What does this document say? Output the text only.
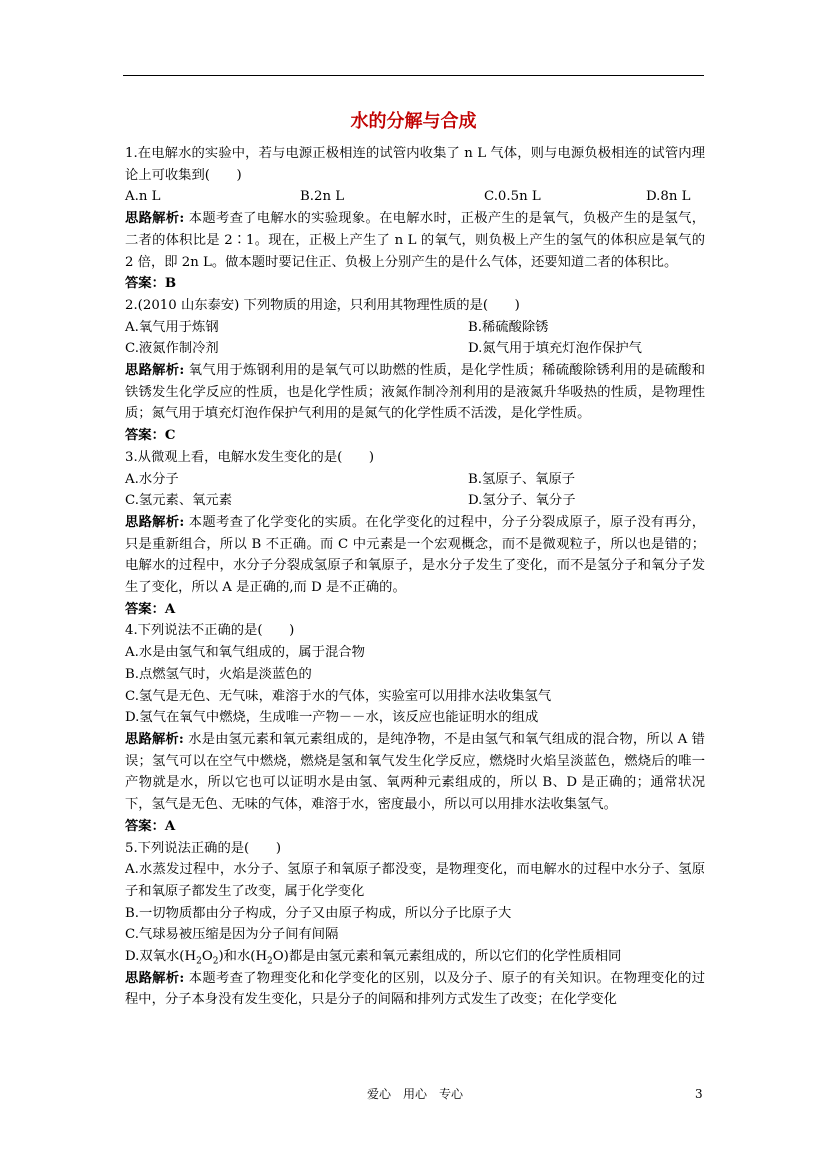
水的分解与合成

1.在电解水的实验中，若与电源正极相连的试管内收集了 n L 气体，则与电源负极相连的试管内理论上可收集到(　　)

A.n L	B.2n L	C.0.5n L	D.8n L

思路解析: 本题考查了电解水的实验现象。在电解水时，正极产生的是氧气，负极产生的是氢气，二者的体积比是 2∶1。现在，正极上产生了 n L 的氧气，则负极上产生的氢气的体积应是氧气的 2 倍，即 2n L。做本题时要记住正、负极上分别产生的是什么气体，还要知道二者的体积比。

答案：B

2.(2010 山东泰安) 下列物质的用途，只利用其物理性质的是(　　)

A.氧气用于炼钢	B.稀硫酸除锈
C.液氮作制冷剂	D.氮气用于填充灯泡作保护气

思路解析: 氧气用于炼钢利用的是氧气可以助燃的性质，是化学性质；稀硫酸除锈利用的是硫酸和铁锈发生化学反应的性质，也是化学性质；液氮作制冷剂利用的是液氮升华吸热的性质，是物理性质；氮气用于填充灯泡作保护气利用的是氮气的化学性质不活泼，是化学性质。

答案：C

3.从微观上看，电解水发生变化的是(　　)

A.水分子	B.氢原子、氧原子
C.氢元素、氧元素	D.氢分子、氧分子

思路解析: 本题考查了化学变化的实质。在化学变化的过程中，分子分裂成原子，原子没有再分，只是重新组合，所以 B 不正确。而 C 中元素是一个宏观概念，而不是微观粒子，所以也是错的；电解水的过程中，水分子分裂成氢原子和氧原子，是水分子发生了变化，而不是氢分子和氧分子发生了变化，所以 A 是正确的,而 D 是不正确的。

答案：A

4.下列说法不正确的是(　　)

A.水是由氢气和氧气组成的，属于混合物

B.点燃氢气时，火焰是淡蓝色的

C.氢气是无色、无气味，难溶于水的气体，实验室可以用排水法收集氢气

D.氢气在氧气中燃烧，生成唯一产物－－水，该反应也能证明水的组成

思路解析: 水是由氢元素和氧元素组成的，是纯净物，不是由氢气和氧气组成的混合物，所以 A 错误；氢气可以在空气中燃烧，燃烧是氢和氧气发生化学反应，燃烧时火焰呈淡蓝色，燃烧后的唯一产物就是水，所以它也可以证明水是由氢、氧两种元素组成的，所以 B、D 是正确的；通常状况下，氢气是无色、无味的气体，难溶于水，密度最小，所以可以用排水法收集氢气。

答案：A

5.下列说法正确的是(　　)

A.水蒸发过程中，水分子、氢原子和氧原子都没变，是物理变化，而电解水的过程中水分子、氢原子和氧原子都发生了改变，属于化学变化

B.一切物质都由分子构成，分子又由原子构成，所以分子比原子大

C.气球易被压缩是因为分子间有间隔

D.双氧水$(H_2O_2)$和水$(H_2O)$都是由氢元素和氧元素组成的，所以它们的化学性质相同

思路解析: 本题考查了物理变化和化学变化的区别，以及分子、原子的有关知识。在物理变化的过程中，分子本身没有发生变化，只是分子的间隔和排列方式发生了改变；在化学变化

爱心　用心　专心	3
